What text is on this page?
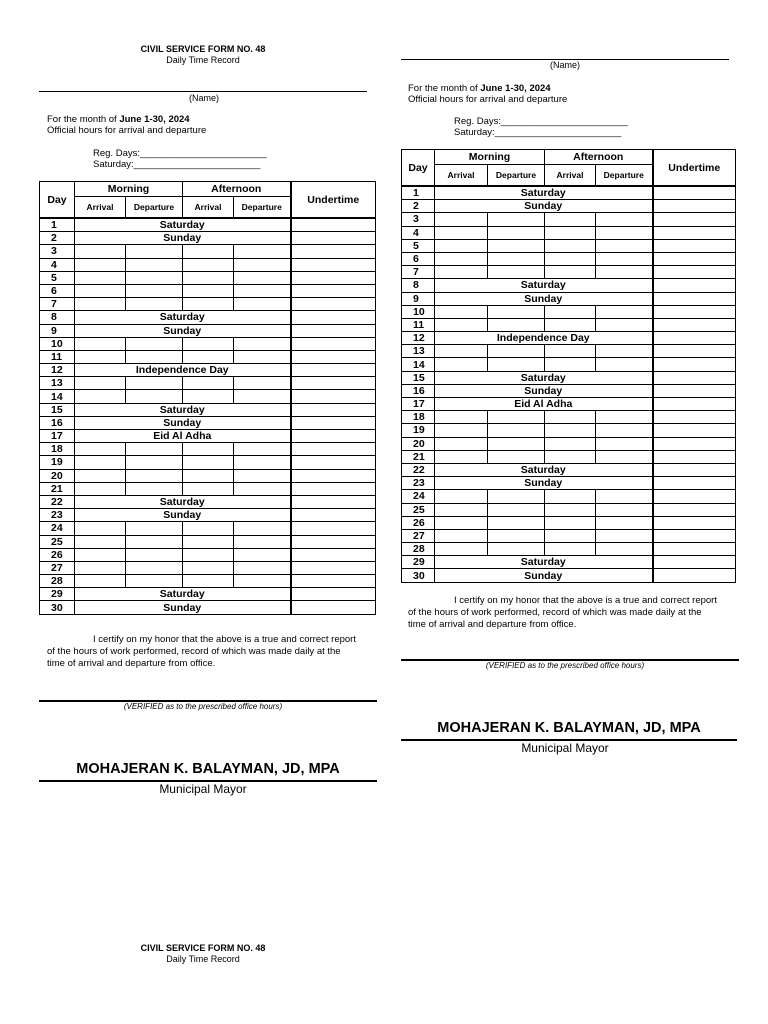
CIVIL SERVICE FORM NO. 48
Daily Time Record
(Name)
For the month of June 1-30, 2024
Official hours for arrival and departure
Reg. Days:________________________
Saturday:________________________
Day	Morning		Afternoon		Undertime
	Arrival	Departure	Arrival	Departure	
1	Saturday				
2	Sunday				
3					
4					
5					
6					
7					
8	Saturday				
9	Sunday				
10					
11					
12	Independence Day				
13					
14					
15	Saturday				
16	Sunday				
17	Eid Al Adha				
18					
19					
20					
21					
22	Saturday				
23	Sunday				
24					
25					
26					
27					
28					
29	Saturday				
30	Sunday				
I certify on my honor that the above is a true and correct report of the hours of work performed, record of which was made daily at the time of arrival and departure from office.
(VERIFIED as to the prescribed office hours)
MOHAJERAN K. BALAYMAN, JD, MPA
Municipal Mayor
CIVIL SERVICE FORM NO. 48
Daily Time Record
(Name)
For the month of June 1-30, 2024
Official hours for arrival and departure
Reg. Days:________________________
Saturday:________________________
Day	Morning		Afternoon		Undertime
	Arrival	Departure	Arrival	Departure	
1	Saturday				
2	Sunday				
3					
4					
5					
6					
7					
8	Saturday				
9	Sunday				
10					
11					
12	Independence Day				
13					
14					
15	Saturday				
16	Sunday				
17	Eid Al Adha				
18					
19					
20					
21					
22	Saturday				
23	Sunday				
24					
25					
26					
27					
28					
29	Saturday				
30	Sunday				
I certify on my honor that the above is a true and correct report of the hours of work performed, record of which was made daily at the time of arrival and departure from office.
(VERIFIED as to the prescribed office hours)
MOHAJERAN K. BALAYMAN, JD, MPA
Municipal Mayor
